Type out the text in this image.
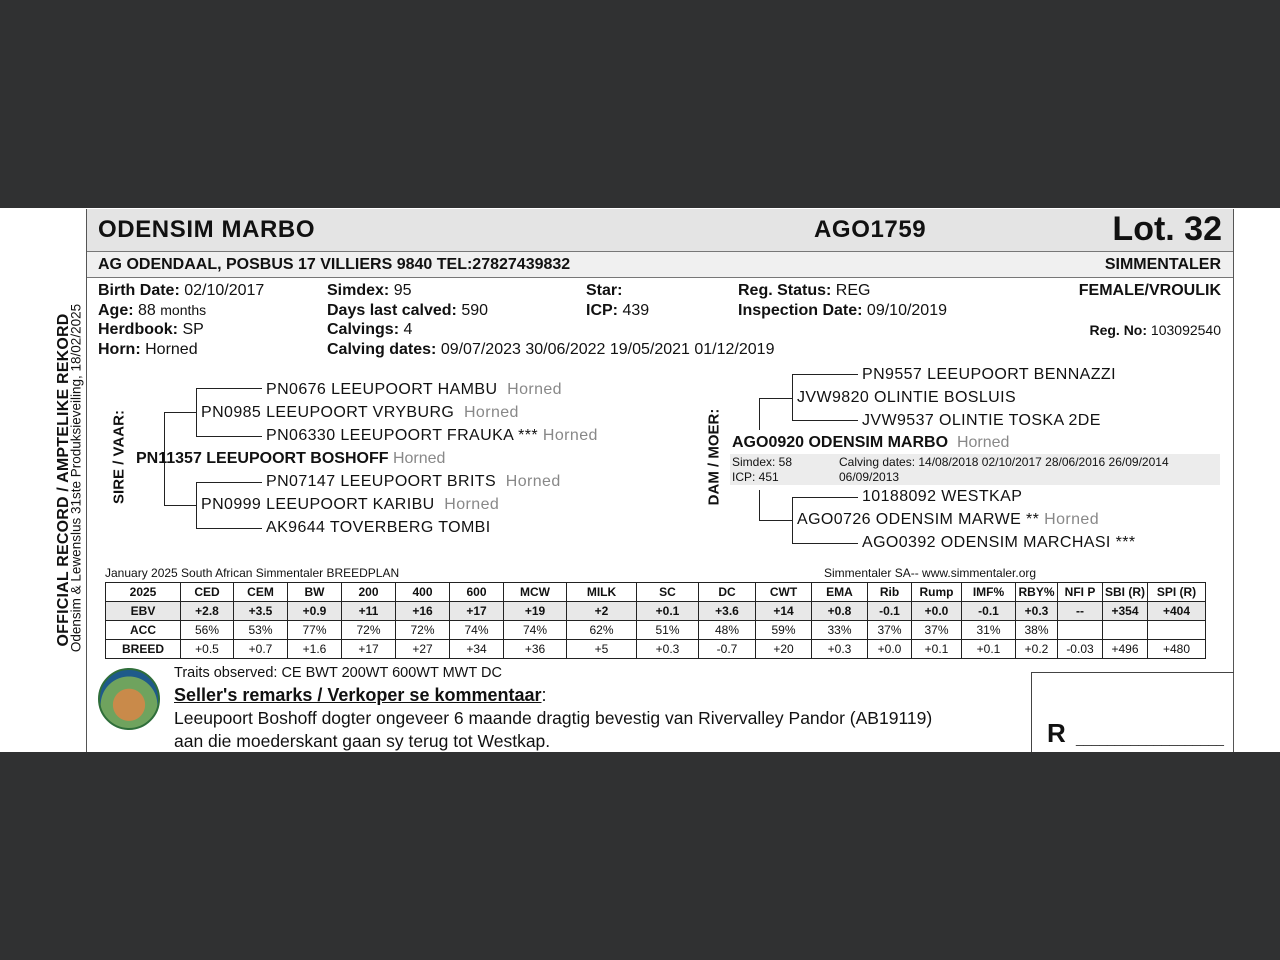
OFFICIAL RECORD / AMPTELIKE REKORD
Odensim & Lewenslus 31ste Produksieveiling, 18/02/2025
ODENSIM MARBO	AGO1759	Lot. 32
AG ODENDAAL, POSBUS 17 VILLIERS 9840 TEL:27827439832	SIMMENTALER
Birth Date: 02/10/2017
Age: 88 months
Herdbook: SP
Horn: Horned
Simdex: 95
Days last calved: 590
Calvings: 4
Calving dates: 09/07/2023 30/06/2022 19/05/2021 01/12/2019
Star:
ICP: 439
Reg. Status: REG
Inspection Date: 09/10/2019
FEMALE/VROULIK
Reg. No: 103092540
SIRE / VAAR:	DAM / MOER:
PN0676 LEEUPOORT HAMBU Horned
PN0985 LEEUPOORT VRYBURG Horned
PN06330 LEEUPOORT FRAUKA *** Horned
PN11357 LEEUPOORT BOSHOFF Horned
PN07147 LEEUPOORT BRITS Horned
PN0999 LEEUPOORT KARIBU Horned
AK9644 TOVERBERG TOMBI
PN9557 LEEUPOORT BENNAZZI
JVW9820 OLINTIE BOSLUIS
JVW9537 OLINTIE TOSKA 2DE
AGO0920 ODENSIM MARBO Horned
Simdex: 58
ICP: 451
Calving dates: 14/08/2018 02/10/2017 28/06/2016 26/09/2014
06/09/2013
10188092 WESTKAP
AGO0726 ODENSIM MARWE ** Horned
AGO0392 ODENSIM MARCHASI ***
January 2025 South African Simmentaler BREEDPLAN	Simmentaler SA-- www.simmentaler.org
2025	CED	CEM	BW	200	400	600	MCW	MILK	SC	DC	CWT	EMA	Rib	Rump	IMF%	RBY%	NFI P	SBI (R)	SPI (R)
EBV	+2.8	+3.5	+0.9	+11	+16	+17	+19	+2	+0.1	+3.6	+14	+0.8	-0.1	+0.0	-0.1	+0.3	--	+354	+404
ACC	56%	53%	77%	72%	72%	74%	74%	62%	51%	48%	59%	33%	37%	37%	31%	38%			
BREED	+0.5	+0.7	+1.6	+17	+27	+34	+36	+5	+0.3	-0.7	+20	+0.3	+0.0	+0.1	+0.1	+0.2	-0.03	+496	+480
Traits observed: CE BWT 200WT 600WT MWT DC
Seller's remarks / Verkoper se kommentaar:
Leeupoort Boshoff dogter ongeveer 6 maande dragtig bevestig van Rivervalley Pandor (AB19119)
aan die moederskant gaan sy terug tot Westkap.	R ___________________
